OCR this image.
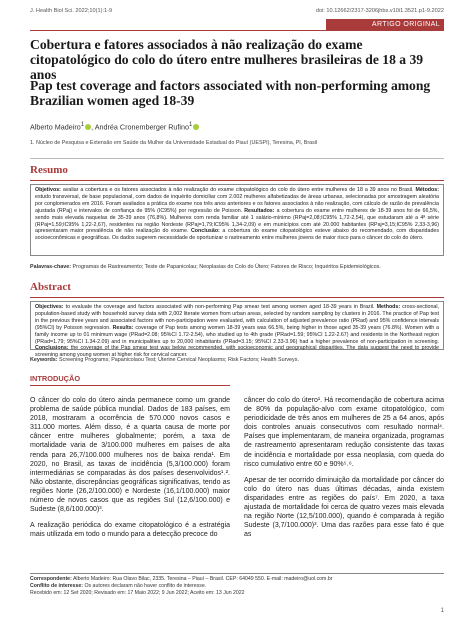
J. Health Biol Sci. 2022;10(1):1-9	doi: 10.12662/2317-3206jhbs.v10i1.3521.p1-9.2022
ARTIGO ORIGINAL
Cobertura e fatores associados à não realização do exame citopatológico do colo do útero entre mulheres brasileiras de 18 a 39 anos
Pap test coverage and factors associated with non-performing among Brazilian women aged 18-39
Alberto Madeiro$^1$ , Andréa Cronemberger Rufino$^1$
1. Núcleo de Pesquisa e Extensão em Saúde da Mulher da Universidade Estadual do Piauí (UESPI), Teresina, PI, Brasil
Resumo
Objetivos: avaliar a cobertura e os fatores associados à não realização do exame citopatológico do colo do útero entre mulheres de 18 a 39 anos no Brasil. Métodos: estudo transversal, de base populacional, com dados de inquérito domiciliar com 2.002 mulheres alfabetizadas de áreas urbanas, selecionadas por amostragem aleatória por conglomerados em 2016. Foram avaliados a prática do exame nos três anos anteriores e os fatores associados à não realização, com cálculo de razão de prevalência ajustada (RPaj) e intervalos de confiança de 95% (IC95%) por regressão de Poisson. Resultados: a cobertura do exame entre mulheres de 18-39 anos foi de 66,5%, sendo mais elevada naquelas de 35-39 anos (76,8%). Mulheres com renda familiar até 1 salário-mínimo (RPaj=2,08;IC95% 1,72-2,54), que estudaram até a 4ª série (RPaj=1,59;IC95% 1,22-2,67), residentes na região Nordeste (RPaj=1,79;IC95% 1,34-2,09) e em municípios com até 20.000 habitantes (RPaj=3,15;IC95% 2,33-3,96) apresentaram maior prevalência de não realização do exame. Conclusão: a cobertura do exame citopatológico esteve abaixo do recomendado, com disparidades socioeconômicas e geográficas. Os dados sugerem necessidade de oportunizar o rastreamento entre mulheres jovens de maior risco para o câncer do colo do útero.
Palavras-chave: Programas de Rastreamento; Teste de Papanicolau; Neoplasias do Colo do Útero; Fatores de Risco; Inquéritos Epidemiológicos.
Abstract
Objectives: to evaluate the coverage and factors associated with non-performing Pap smear test among women aged 18-39 years in Brazil. Methods: cross-sectional, population-based study with household survey data with 2,002 literate women from urban areas, selected by random sampling by clusters in 2016. The practice of Pap test in the previous three years and associated factors with non-participation were evaluated, with calculation of adjusted prevalence ratio (PRad) and 95% confidence intervals (95%CI) by Poisson regression. Results: coverage of Pap tests among women 18-39 years was 66.5%, being higher in those aged 35-39 years (76.8%). Women with a family income up to 01 minimum wage (PRad=2.08; 95%CI 1.72-2.54), who studied up to 4th grade (PRad=1.59; 95%CI 1.22-2.67) and residents in the Northeast region (PRad=1.79; 95%CI 1.34-2.09) and in municipalities up to 20,000 inhabitants (PRad=3.15; 95%CI 2.33-3.96) had a higher prevalence of non-participation in screening. Conclusions: the coverage of the Pap smear test was below recommended, with socioeconomic and geographical disparities. The data suggest the need to provide screening among young women at higher risk for cervical cancer.
Keywords: Screening Programs; Papanicolaou Test; Uterine Cervical Neoplasms; Risk Factors; Health Surveys.
INTRODUÇÃO

O câncer do colo do útero ainda permanece como um grande problema de saúde pública mundial. Dados de 183 países, em 2018, mostraram a ocorrência de 570.000 novos casos e 311.000 mortes. Além disso, é a quarta causa de morte por câncer entre mulheres globalmente; porém, a taxa de mortalidade varia de 3/100.000 mulheres em países de alta renda para 26,7/100.000 mulheres nos de baixa renda¹. Em 2020, no Brasil, as taxas de incidência (5,3/100.000) foram intermediárias se comparadas às dos países desenvolvidos¹˒². Não obstante, discrepâncias geográficas significativas, tendo as regiões Norte (26,2/100.000) e Nordeste (16,1/100.000) maior número de novos casos que as regiões Sul (12,6/100.000) e Sudeste (8,6/100.000)³.

A realização periódica do exame citopatológico é a estratégia mais utilizada em todo o mundo para a detecção precoce do

câncer do colo do útero¹. Há recomendação de cobertura acima de 80% da população-alvo com exame citopatológico, com periodicidade de três anos em mulheres de 25 a 64 anos, após dois controles anuais consecutivos com resultado normal⁴. Países que implementaram, de maneira organizada, programas de rastreamento apresentaram redução consistente das taxas de incidência e mortalidade por essa neoplasia, com queda do risco cumulativo entre 60 e 90%⁵˒⁶.

Apesar de ter ocorrido diminuição da mortalidade por câncer do colo do útero nas duas últimas décadas, ainda existem disparidades entre as regiões do país⁷. Em 2020, a taxa ajustada de mortalidade foi cerca de quatro vezes mais elevada na região Norte (12,5/100.000), quando é comparada à região Sudeste (3,7/100.000)³. Uma das razões para esse fato é que as

Correspondente: Alberto Madeiro: Rua Olavo Bilac, 2335. Teresina – Piauí – Brasil. CEP: 64049 550. E-mail: madeiro@uol.com.br
Conflito de interesse: Os autores declaram não haver conflito de interesse.
Recebido em: 12 Set 2020; Revisado em: 17 Maio 2022; 9 Jun 2022; Aceito em: 13 Jun 2022
1
